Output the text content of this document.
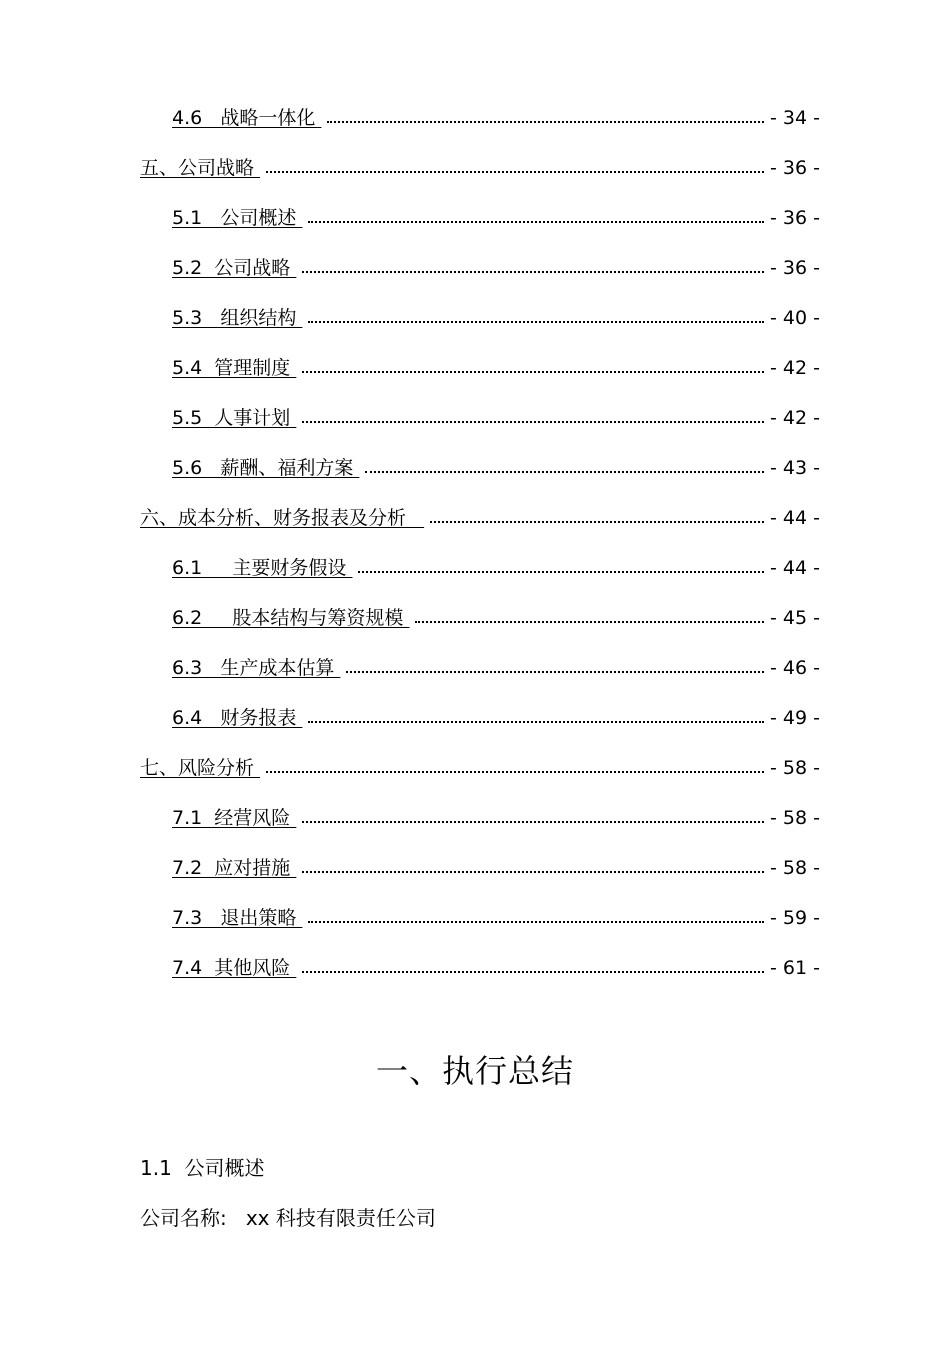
4.6   战略一体化	- 34 -
五、公司战略	- 36 -
5.1   公司概述	- 36 -
5.2  公司战略	- 36 -
5.3   组织结构	- 40 -
5.4  管理制度	- 42 -
5.5  人事计划	- 42 -
5.6   薪酬、福利方案	- 43 -
六、成本分析、财务报表及分析	- 44 -
6.1     主要财务假设	- 44 -
6.2     股本结构与筹资规模	- 45 -
6.3   生产成本估算	- 46 -
6.4   财务报表	- 49 -
七、风险分析	- 58 -
7.1  经营风险	- 58 -
7.2  应对措施	- 58 -
7.3   退出策略	- 59 -
7.4  其他风险	- 61 -
一、执行总结
1.1  公司概述
公司名称: xx 科技有限责任公司
